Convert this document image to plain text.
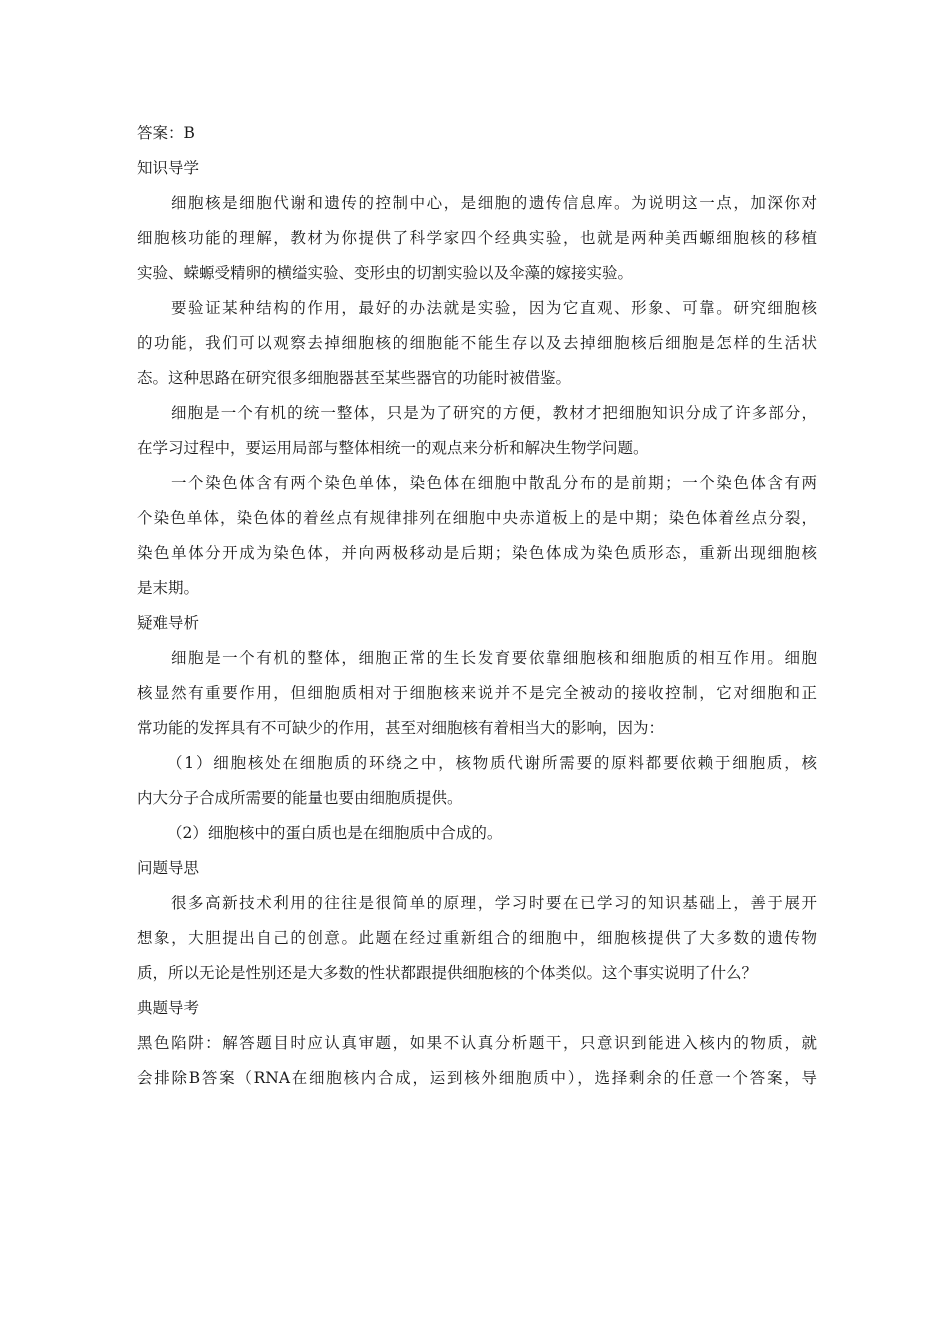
答案：B

知识导学

细胞核是细胞代谢和遗传的控制中心，是细胞的遗传信息库。为说明这一点，加深你对

细胞核功能的理解，教材为你提供了科学家四个经典实验，也就是两种美西螈细胞核的移植

实验、蝾螈受精卵的横缢实验、变形虫的切割实验以及伞藻的嫁接实验。

要验证某种结构的作用，最好的办法就是实验，因为它直观、形象、可靠。研究细胞核

的功能，我们可以观察去掉细胞核的细胞能不能生存以及去掉细胞核后细胞是怎样的生活状

态。这种思路在研究很多细胞器甚至某些器官的功能时被借鉴。

细胞是一个有机的统一整体，只是为了研究的方便，教材才把细胞知识分成了许多部分，

在学习过程中，要运用局部与整体相统一的观点来分析和解决生物学问题。

一个染色体含有两个染色单体，染色体在细胞中散乱分布的是前期；一个染色体含有两

个染色单体，染色体的着丝点有规律排列在细胞中央赤道板上的是中期；染色体着丝点分裂，

染色单体分开成为染色体，并向两极移动是后期；染色体成为染色质形态，重新出现细胞核

是末期。

疑难导析

细胞是一个有机的整体，细胞正常的生长发育要依靠细胞核和细胞质的相互作用。细胞

核显然有重要作用，但细胞质相对于细胞核来说并不是完全被动的接收控制，它对细胞和正

常功能的发挥具有不可缺少的作用，甚至对细胞核有着相当大的影响，因为：

（1）细胞核处在细胞质的环绕之中，核物质代谢所需要的原料都要依赖于细胞质，核

内大分子合成所需要的能量也要由细胞质提供。

（2）细胞核中的蛋白质也是在细胞质中合成的。

问题导思

很多高新技术利用的往往是很简单的原理，学习时要在已学习的知识基础上，善于展开

想象，大胆提出自己的创意。此题在经过重新组合的细胞中，细胞核提供了大多数的遗传物

质，所以无论是性别还是大多数的性状都跟提供细胞核的个体类似。这个事实说明了什么？

典题导考

黑色陷阱：解答题目时应认真审题，如果不认真分析题干，只意识到能进入核内的物质，就

会排除B答案（RNA在细胞核内合成，运到核外细胞质中），选择剩余的任意一个答案，导
